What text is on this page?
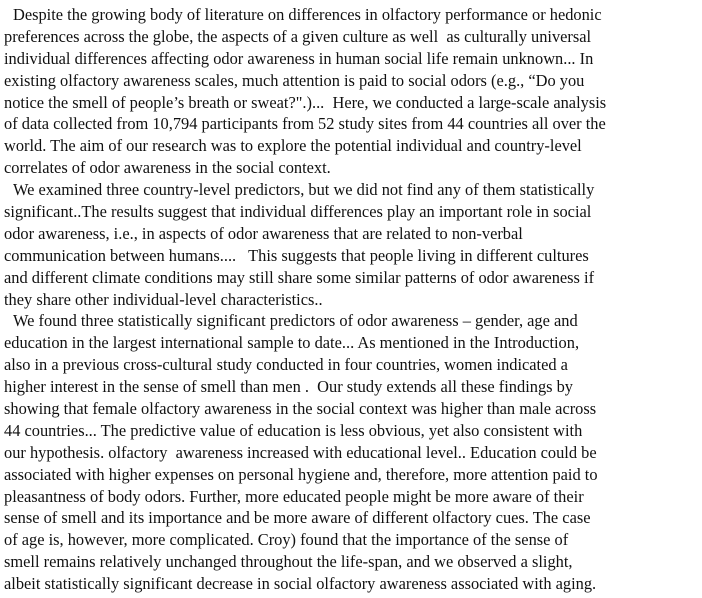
Despite the growing body of literature on differences in olfactory performance or hedonic
preferences across the globe, the aspects of a given culture as well  as culturally universal
individual differences affecting odor awareness in human social life remain unknown... In
existing olfactory awareness scales, much attention is paid to social odors (e.g., “Do you
notice the smell of people’s breath or sweat?".)...  Here, we conducted a large-scale analysis
of data collected from 10,794 participants from 52 study sites from 44 countries all over the
world. The aim of our research was to explore the potential individual and country-level
correlates of odor awareness in the social context.

We examined three country-level predictors, but we did not find any of them statistically
significant..The results suggest that individual differences play an important role in social
odor awareness, i.e., in aspects of odor awareness that are related to non-verbal
communication between humans....   This suggests that people living in different cultures
and different climate conditions may still share some similar patterns of odor awareness if
they share other individual-level characteristics..

We found three statistically significant predictors of odor awareness – gender, age and
education in the largest international sample to date... As mentioned in the Introduction,
also in a previous cross-cultural study conducted in four countries, women indicated a
higher interest in the sense of smell than men .  Our study extends all these findings by
showing that female olfactory awareness in the social context was higher than male across
44 countries... The predictive value of education is less obvious, yet also consistent with
our hypothesis. olfactory  awareness increased with educational level.. Education could be
associated with higher expenses on personal hygiene and, therefore, more attention paid to
pleasantness of body odors. Further, more educated people might be more aware of their
sense of smell and its importance and be more aware of different olfactory cues. The case
of age is, however, more complicated. Croy) found that the importance of the sense of
smell remains relatively unchanged throughout the life-span, and we observed a slight,
albeit statistically significant decrease in social olfactory awareness associated with aging.
